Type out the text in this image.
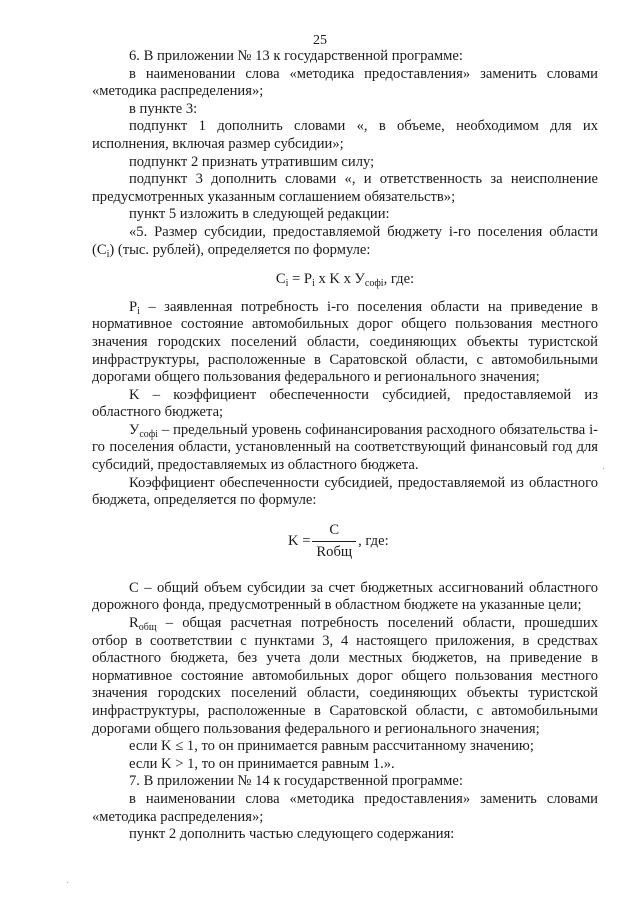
25

6. В приложении № 13 к государственной программе:

в наименовании слова «методика предоставления» заменить словами «методика распределения»;

в пункте 3:

подпункт 1 дополнить словами «, в объеме, необходимом для их исполнения, включая размер субсидии»;

подпункт 2 признать утратившим силу;

подпункт 3 дополнить словами «, и ответственность за неисполнение предусмотренных указанным соглашением обязательств»;

пункт 5 изложить в следующей редакции:

«5. Размер субсидии, предоставляемой бюджету i-го поселения области $(C_i)$ (тыс. рублей), определяется по формуле:

$C_i = P_i$ x K x $У_{софi}$, где:

$P_i$ – заявленная потребность i-го поселения области на приведение в нормативное состояние автомобильных дорог общего пользования местного значения городских поселений области, соединяющих объекты туристской инфраструктуры, расположенные в Саратовской области, с автомобильными дорогами общего пользования федерального и регионального значения;

K – коэффициент обеспеченности субсидией, предоставляемой из областного бюджета;

$У_{софi}$ – предельный уровень софинансирования расходного обязательства i-го поселения области, установленный на соответствующий финансовый год для субсидий, предоставляемых из областного бюджета.

Коэффициент обеспеченности субсидией, предоставляемой из областного бюджета, определяется по формуле:

$K = \frac{C}{\text{Rобщ}}$ , где:

C – общий объем субсидии за счет бюджетных ассигнований областного дорожного фонда, предусмотренный в областном бюджете на указанные цели;

$R_{общ}$ – общая расчетная потребность поселений области, прошедших отбор в соответствии с пунктами 3, 4 настоящего приложения, в средствах областного бюджета, без учета доли местных бюджетов, на приведение в нормативное состояние автомобильных дорог общего пользования местного значения городских поселений области, соединяющих объекты туристской инфраструктуры, расположенные в Саратовской области, с автомобильными дорогами общего пользования федерального и регионального значения;

если K ≤ 1, то он принимается равным рассчитанному значению;

если K > 1, то он принимается равным 1.».

7. В приложении № 14 к государственной программе:

в наименовании слова «методика предоставления» заменить словами «методика распределения»;

пункт 2 дополнить частью следующего содержания:

·
·
